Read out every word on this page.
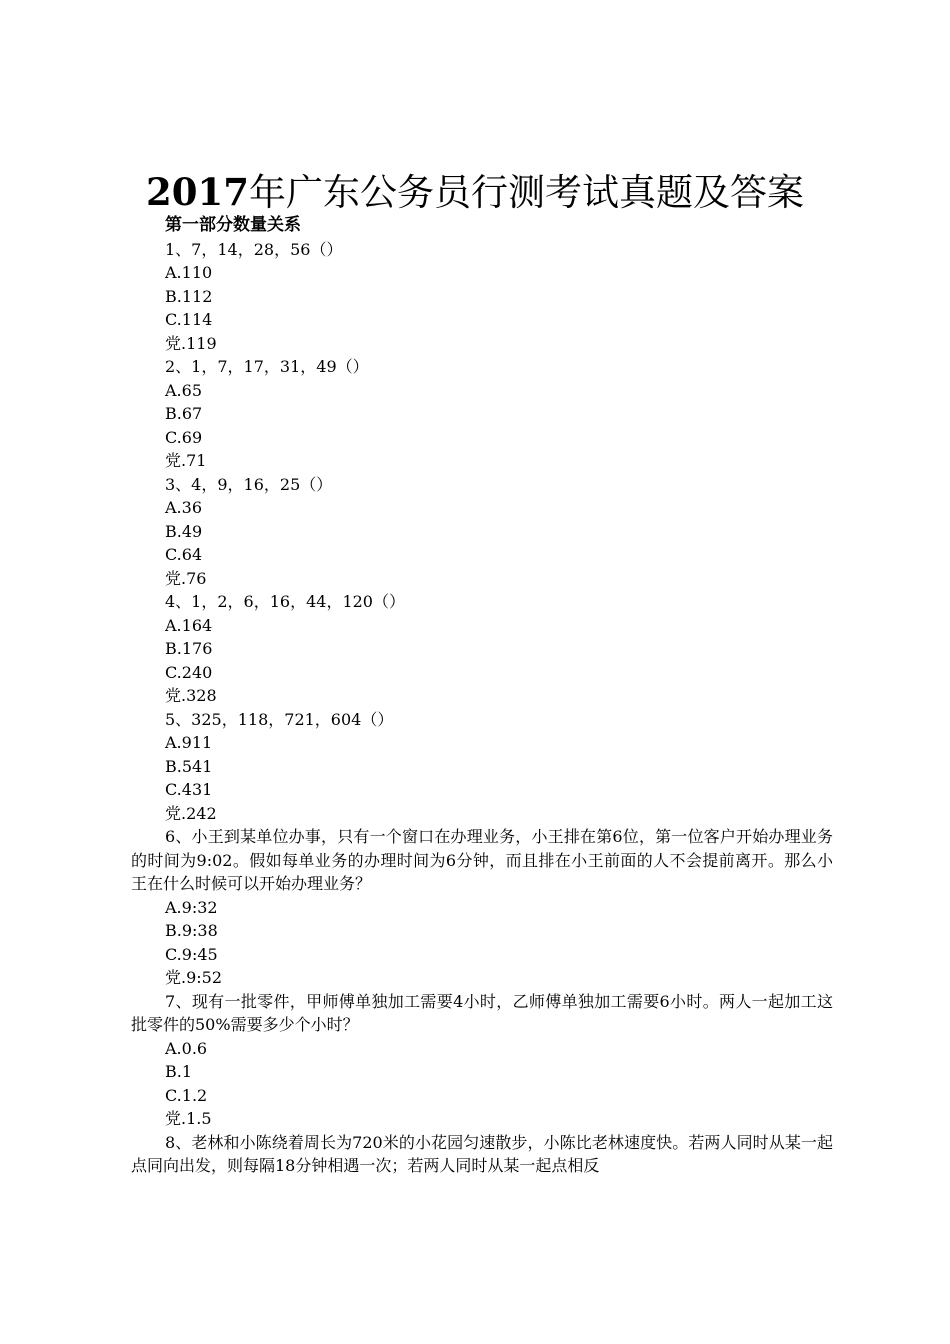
2017年广东公务员行测考试真题及答案
第一部分数量关系
1、7，14，28，56（）
A.110
B.112
C.114
党.119
2、1，7，17，31，49（）
A.65
B.67
C.69
党.71
3、4，9，16，25（）
A.36
B.49
C.64
党.76
4、1，2，6，16，44，120（）
A.164
B.176
C.240
党.328
5、325，118，721，604（）
A.911
B.541
C.431
党.242
6、小王到某单位办事，只有一个窗口在办理业务，小王排在第6位，第一位客户开始办理业务的时间为9:02。假如每单业务的办理时间为6分钟，而且排在小王前面的人不会提前离开。那么小王在什么时候可以开始办理业务？
A.9:32
B.9:38
C.9:45
党.9:52
7、现有一批零件，甲师傅单独加工需要4小时，乙师傅单独加工需要6小时。两人一起加工这批零件的50%需要多少个小时？
A.0.6
B.1
C.1.2
党.1.5
8、老林和小陈绕着周长为720米的小花园匀速散步，小陈比老林速度快。若两人同时从某一起点同向出发，则每隔18分钟相遇一次；若两人同时从某一起点相反
